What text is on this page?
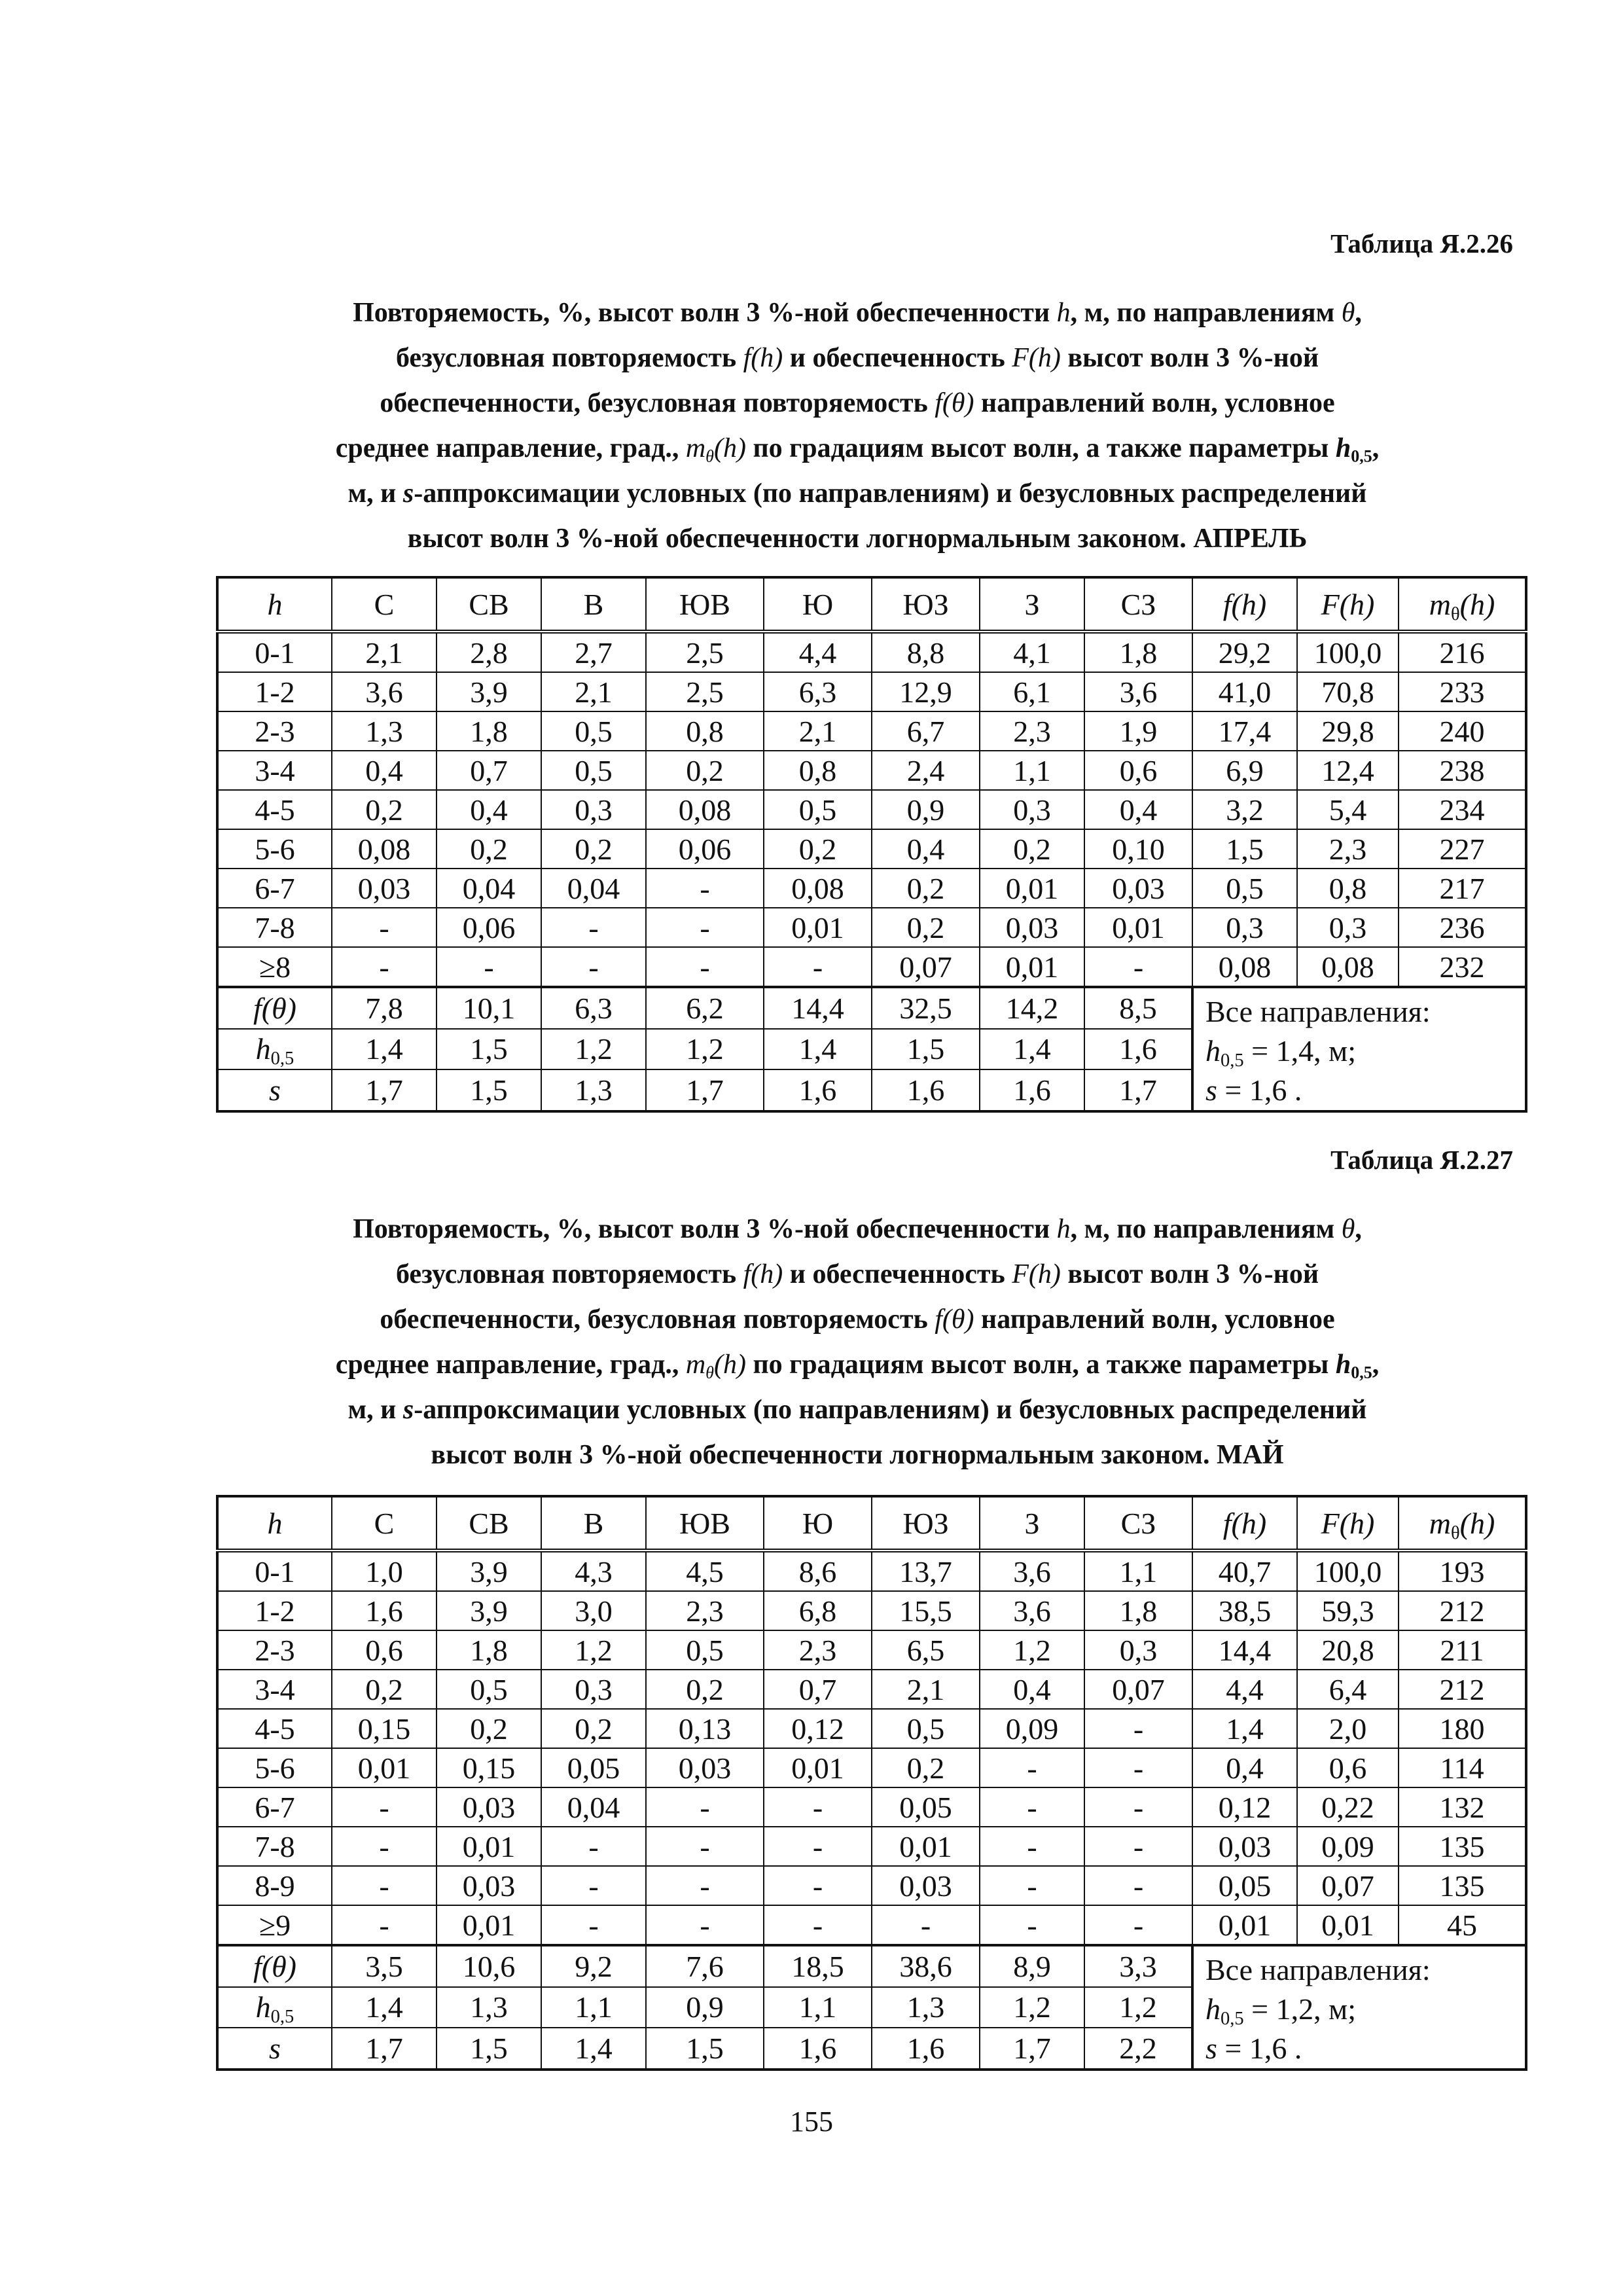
Таблица Я.2.26
Повторяемость, %, высот волн 3 %-ной обеспеченности h, м, по направлениям θ,
безусловная повторяемость f(h) и обеспеченность F(h) высот волн 3 %-ной
обеспеченности, безусловная повторяемость f(θ) направлений волн, условное
среднее направление, град., $m_\theta(h)$ по градациям высот волн, а также параметры $h_{0,5}$,
м, и s-аппроксимации условных (по направлениям) и безусловных распределений
высот волн 3 %-ной обеспеченности логнормальным законом. АПРЕЛЬ
h	С	СВ	В	ЮВ	Ю	ЮЗ	З	СЗ	f(h)	F(h)	$m_\theta(h)$
0-1	2,1	2,8	2,7	2,5	4,4	8,8	4,1	1,8	29,2	100,0	216
1-2	3,6	3,9	2,1	2,5	6,3	12,9	6,1	3,6	41,0	70,8	233
2-3	1,3	1,8	0,5	0,8	2,1	6,7	2,3	1,9	17,4	29,8	240
3-4	0,4	0,7	0,5	0,2	0,8	2,4	1,1	0,6	6,9	12,4	238
4-5	0,2	0,4	0,3	0,08	0,5	0,9	0,3	0,4	3,2	5,4	234
5-6	0,08	0,2	0,2	0,06	0,2	0,4	0,2	0,10	1,5	2,3	227
6-7	0,03	0,04	0,04	-	0,08	0,2	0,01	0,03	0,5	0,8	217
7-8	-	0,06	-	-	0,01	0,2	0,03	0,01	0,3	0,3	236
≥8	-	-	-	-	-	0,07	0,01	-	0,08	0,08	232
f(θ)	7,8	10,1	6,3	6,2	14,4	32,5	14,2	8,5	Все направления:
$h_{0,5} = 1,4$, м;
s = 1,6 .		

$h_{0,5}$	1,4	1,5	1,2	1,2	1,4	1,5	1,4	1,6			
s	1,7	1,5	1,3	1,7	1,6	1,6	1,6	1,7			
Таблица Я.2.27
Повторяемость, %, высот волн 3 %-ной обеспеченности h, м, по направлениям θ,
безусловная повторяемость f(h) и обеспеченность F(h) высот волн 3 %-ной
обеспеченности, безусловная повторяемость f(θ) направлений волн, условное
среднее направление, град., $m_\theta(h)$ по градациям высот волн, а также параметры $h_{0,5}$,
м, и s-аппроксимации условных (по направлениям) и безусловных распределений
высот волн 3 %-ной обеспеченности логнормальным законом. МАЙ
h	С	СВ	В	ЮВ	Ю	ЮЗ	З	СЗ	f(h)	F(h)	$m_\theta(h)$
0-1	1,0	3,9	4,3	4,5	8,6	13,7	3,6	1,1	40,7	100,0	193
1-2	1,6	3,9	3,0	2,3	6,8	15,5	3,6	1,8	38,5	59,3	212
2-3	0,6	1,8	1,2	0,5	2,3	6,5	1,2	0,3	14,4	20,8	211
3-4	0,2	0,5	0,3	0,2	0,7	2,1	0,4	0,07	4,4	6,4	212
4-5	0,15	0,2	0,2	0,13	0,12	0,5	0,09	-	1,4	2,0	180
5-6	0,01	0,15	0,05	0,03	0,01	0,2	-	-	0,4	0,6	114
6-7	-	0,03	0,04	-	-	0,05	-	-	0,12	0,22	132
7-8	-	0,01	-	-	-	0,01	-	-	0,03	0,09	135
8-9	-	0,03	-	-	-	0,03	-	-	0,05	0,07	135
≥9	-	0,01	-	-	-	-	-	-	0,01	0,01	45
f(θ)	3,5	10,6	9,2	7,6	18,5	38,6	8,9	3,3	Все направления:
$h_{0,5} = 1,2$, м;
s = 1,6 .		

$h_{0,5}$	1,4	1,3	1,1	0,9	1,1	1,3	1,2	1,2			
s	1,7	1,5	1,4	1,5	1,6	1,6	1,7	2,2			
155
